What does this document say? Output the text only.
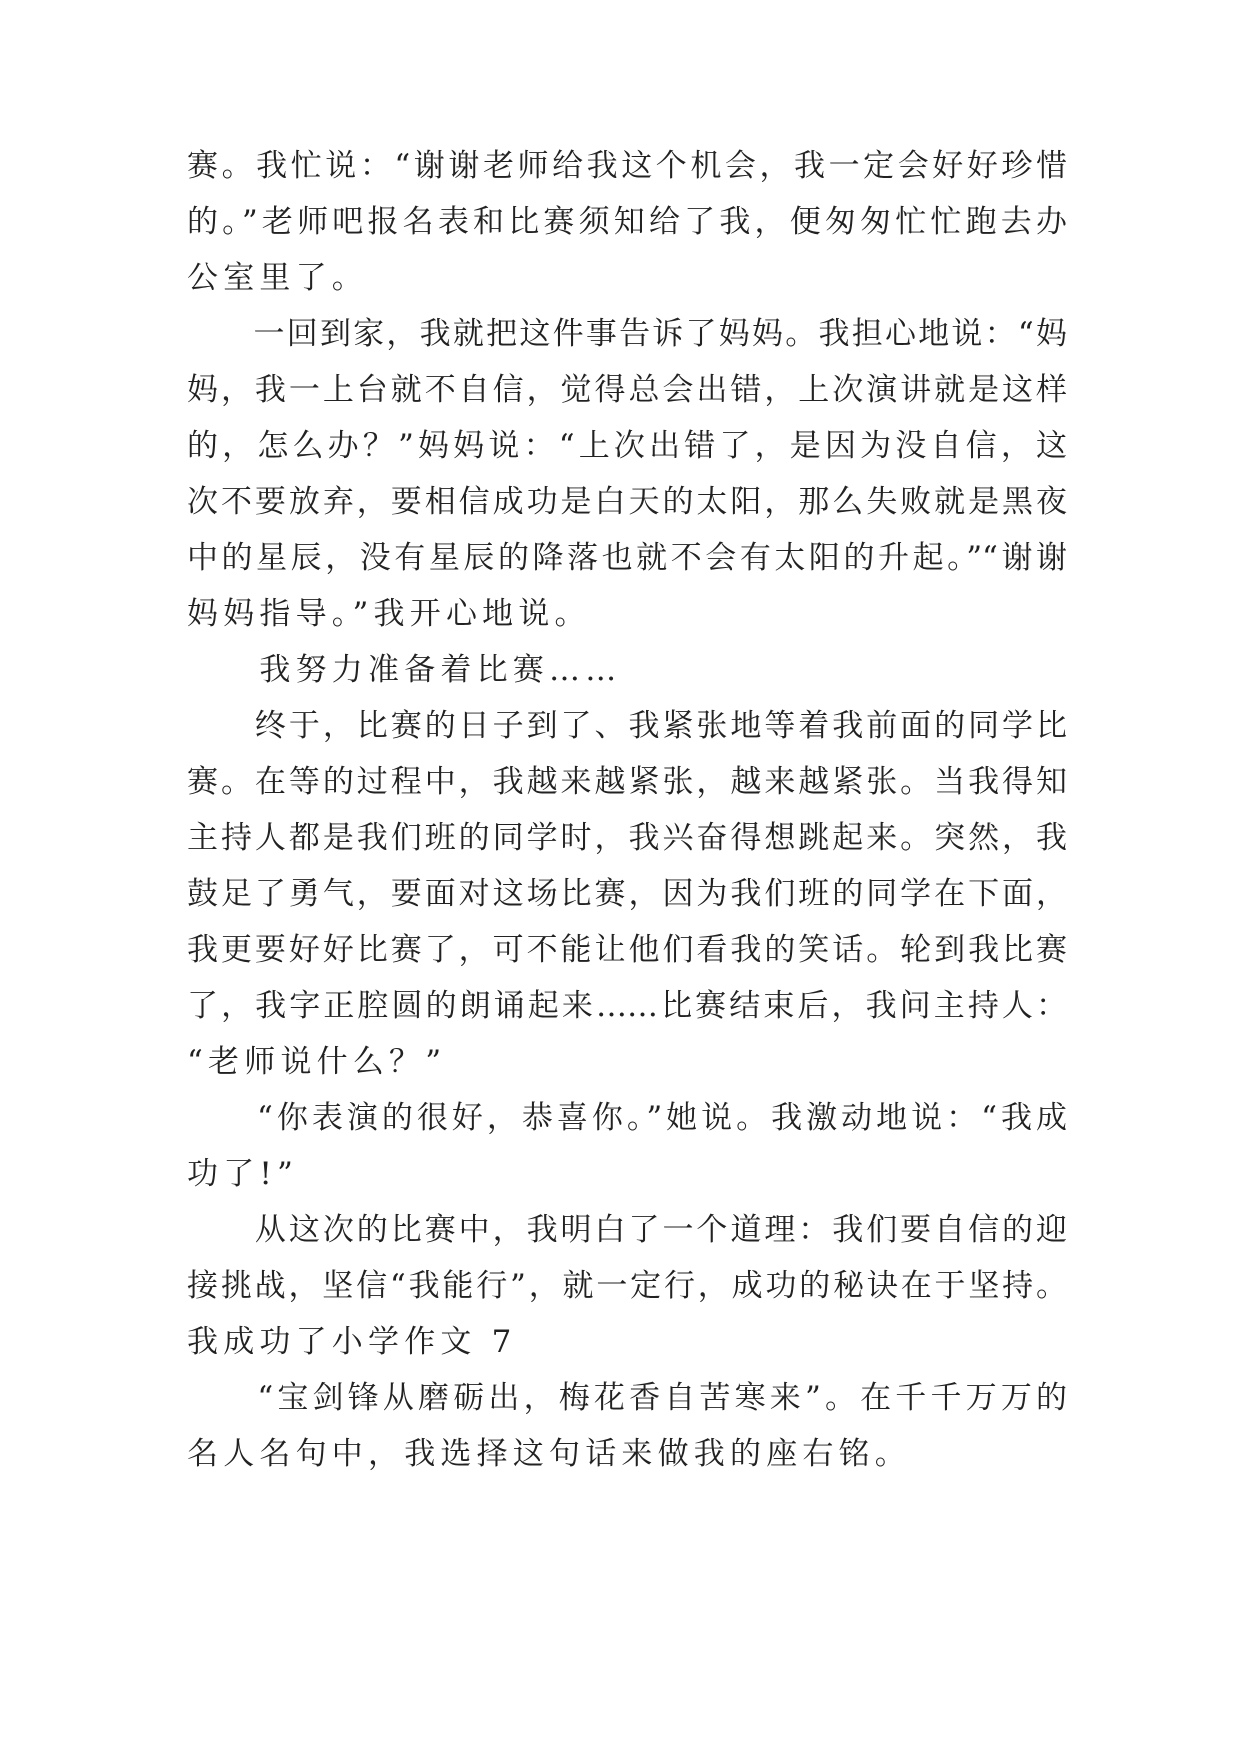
赛。我忙说：“谢谢老师给我这个机会，我一定会好好珍惜
的。”老师吧报名表和比赛须知给了我，便匆匆忙忙跑去办
公室里了。
　　一回到家，我就把这件事告诉了妈妈。我担心地说：“妈
妈，我一上台就不自信，觉得总会出错，上次演讲就是这样
的，怎么办？”妈妈说：“上次出错了，是因为没自信，这
次不要放弃，要相信成功是白天的太阳，那么失败就是黑夜
中的星辰，没有星辰的降落也就不会有太阳的升起。”“谢谢
妈妈指导。”我开心地说。
　　我努力准备着比赛……
　　终于，比赛的日子到了、我紧张地等着我前面的同学比
赛。在等的过程中，我越来越紧张，越来越紧张。当我得知
主持人都是我们班的同学时，我兴奋得想跳起来。突然，我
鼓足了勇气，要面对这场比赛，因为我们班的同学在下面，
我更要好好比赛了，可不能让他们看我的笑话。轮到我比赛
了，我字正腔圆的朗诵起来……比赛结束后，我问主持人：
“老师说什么？”
　　“你表演的很好，恭喜你。”她说。我激动地说：“我成
功了!”
　　从这次的比赛中，我明白了一个道理：我们要自信的迎
接挑战，坚信“我能行”，就一定行，成功的秘诀在于坚持。
我成功了小学作文 7
　　“宝剑锋从磨砺出，梅花香自苦寒来”。在千千万万的
名人名句中，我选择这句话来做我的座右铭。
